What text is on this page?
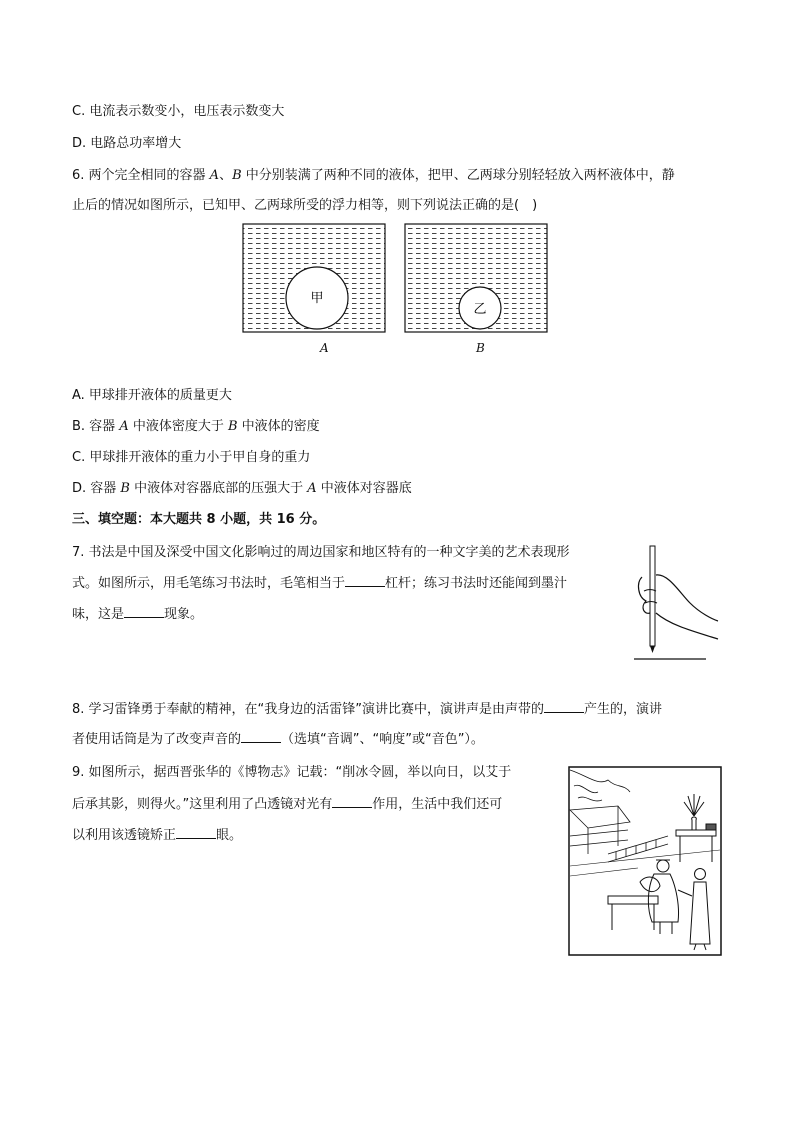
C. 电流表示数变小，电压表示数变大
D. 电路总功率增大
6. 两个完全相同的容器 A、B 中分别装满了两种不同的液体，把甲、乙两球分别轻轻放入两杯液体中，静
止后的情况如图所示，已知甲、乙两球所受的浮力相等，则下列说法正确的是(　)
甲
乙
A	B
A. 甲球排开液体的质量更大
B. 容器 A 中液体密度大于 B 中液体的密度
C. 甲球排开液体的重力小于甲自身的重力
D. 容器 B 中液体对容器底部的压强大于 A 中液体对容器底
三、填空题：本大题共 8 小题，共 16 分。
7. 书法是中国及深受中国文化影响过的周边国家和地区特有的一种文字美的艺术表现形
式。如图所示，用毛笔练习书法时，毛笔相当于	杠杆；练习书法时还能闻到墨汁
味，这是	现象。
8. 学习雷锋勇于奉献的精神，在“我身边的活雷锋”演讲比赛中，演讲声是由声带的	产生的，演讲
者使用话筒是为了改变声音的	（选填“音调”、“响度”或“音色”）。
9. 如图所示，据西晋张华的《博物志》记载：“削冰令圆，举以向日，以艾于
后承其影，则得火。”这里利用了凸透镜对光有	作用，生活中我们还可
以利用该透镜矫正	眼。
